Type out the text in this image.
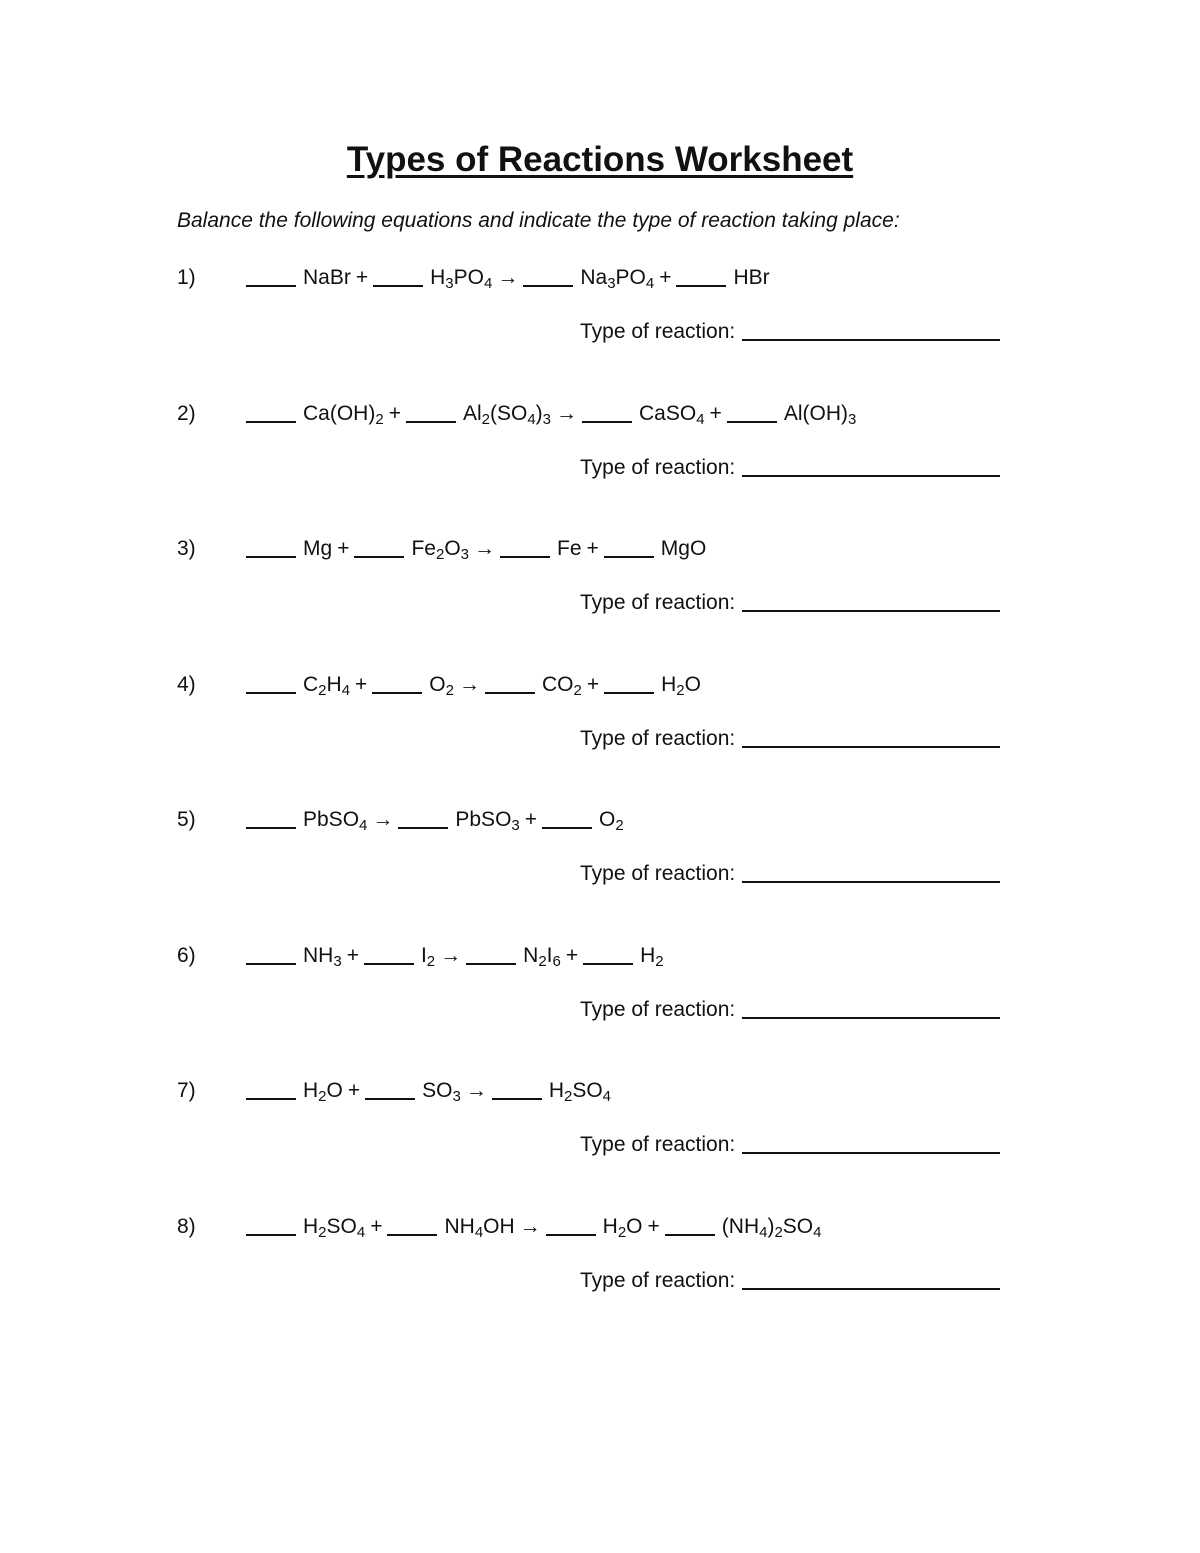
Types of Reactions Worksheet

Balance the following equations and indicate the type of reaction taking place:

1)	NaBr +	$H_3PO_4$ →	$Na_3PO_4$ +	HBr
Type of reaction:
2)	$Ca(OH)_2$ +	$Al_2(SO_4)_3$ →	CaSO$_4$ +	$Al(OH)_3$
Type of reaction:
3)	Mg +	$Fe_2O_3$ →	Fe +	MgO
Type of reaction:
4)	$C_2H_4$ +	$O_2$ →	$CO_2$ +	$H_2O$
Type of reaction:
5)	PbSO$_4$ →	PbSO$_3$ +	$O_2$
Type of reaction:
6)	$NH_3$ +	$I_2$ →	$N_2I_6$ +	$H_2$
Type of reaction:
7)	$H_2O$ +	$SO_3$ →	$H_2SO_4$
Type of reaction:
8)	$H_2SO_4$ +	$NH_4OH$ →	$H_2O$ +	$(NH_4)_2SO_4$
Type of reaction:
